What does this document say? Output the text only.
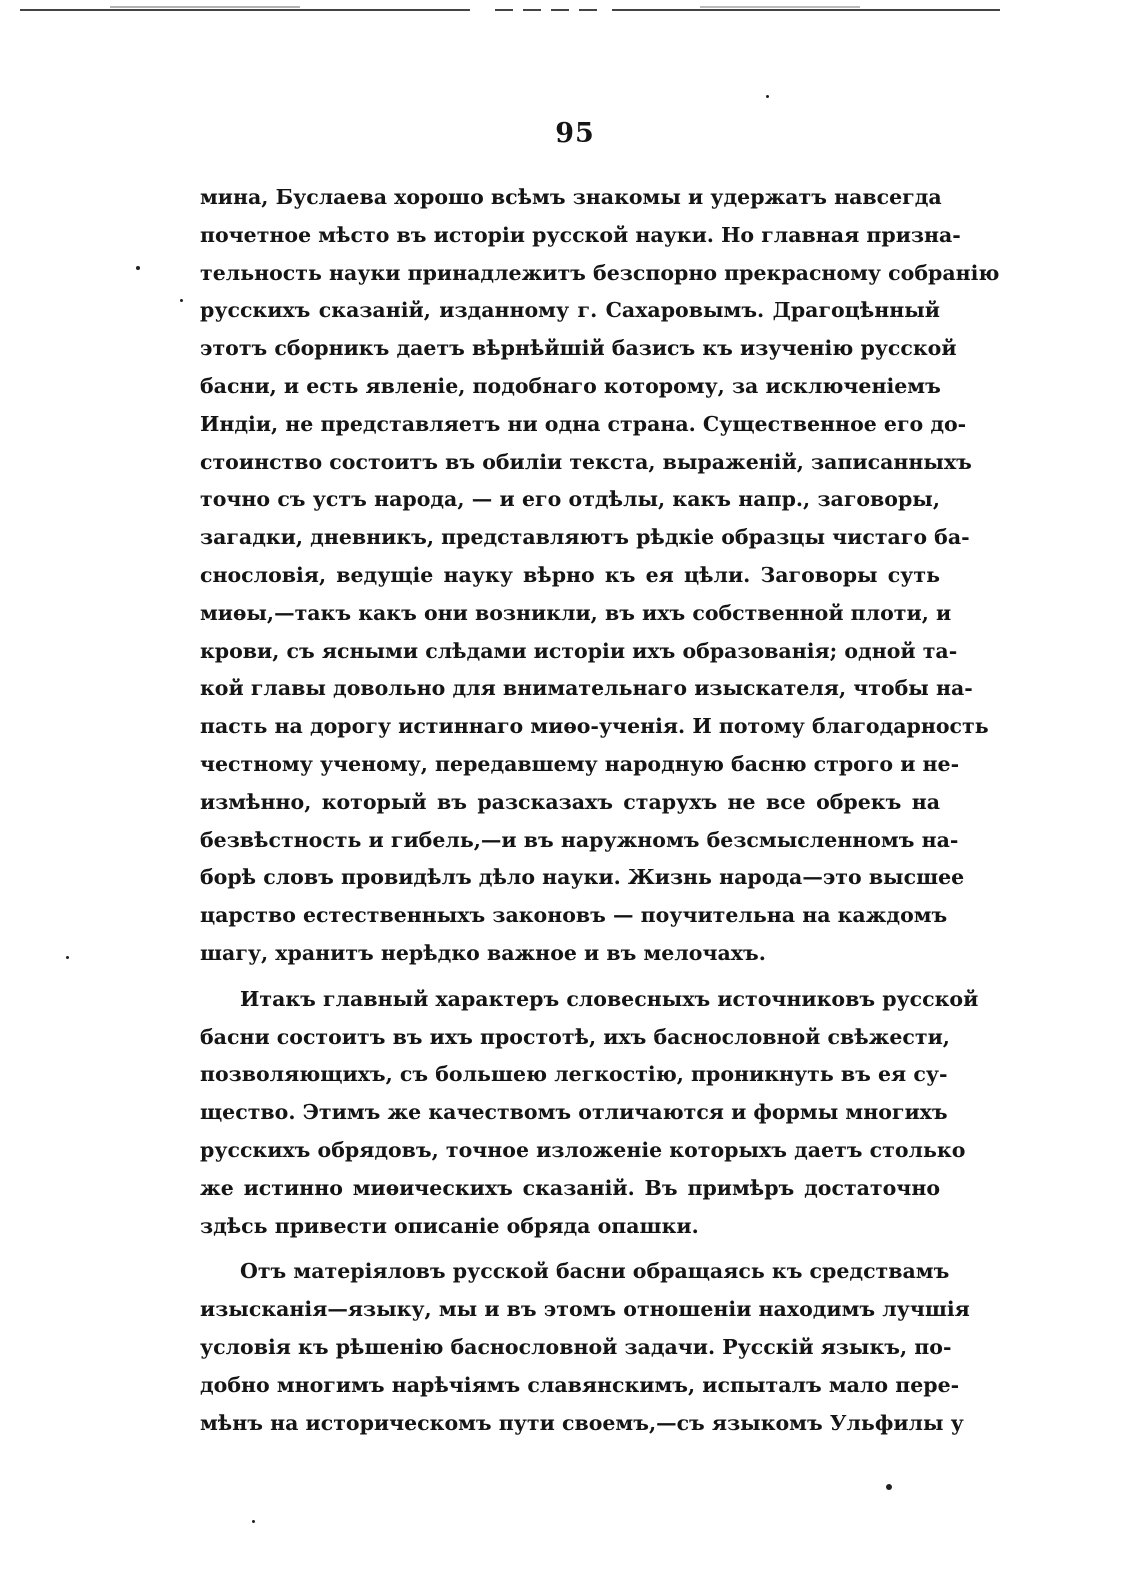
95
мина, Буслаева хорошо всѣмъ знакомы и удержатъ навсегда
почетное мѣсто въ исторіи русской науки. Но главная призна-
тельность науки принадлежитъ безспорно прекрасному собранію
русскихъ сказаній, изданному г. Сахаровымъ. Драгоцѣнный
этотъ сборникъ даетъ вѣрнѣйшій базисъ къ изученію русской
басни, и есть явленіе, подобнаго которому, за исключеніемъ
Индіи, не представляетъ ни одна страна. Существенное его до-
стоинство состоитъ въ обиліи текста, выраженій, записанныхъ
точно съ устъ народа, — и его отдѣлы, какъ напр., заговоры,
загадки, дневникъ, представляютъ рѣдкіе образцы чистаго ба-
снословія, ведущіе науку вѣрно къ ея цѣли. Заговоры суть
миѳы,—такъ какъ они возникли, въ ихъ собственной плоти, и
крови, съ ясными слѣдами исторіи ихъ образованія; одной та-
кой главы довольно для внимательнаго изыскателя, чтобы на-
пасть на дорогу истиннаго миѳо-ученія. И потому благодарность
честному ученому, передавшему народную басню строго и не-
измѣнно, который въ разсказахъ старухъ не все обрекъ на
безвѣстность и гибель,—и въ наружномъ безсмысленномъ на-
борѣ словъ провидѣлъ дѣло науки. Жизнь народа—это высшее
царство естественныхъ законовъ — поучительна на каждомъ
шагу, хранитъ нерѣдко важное и въ мелочахъ.
Итакъ главный характеръ словесныхъ источниковъ русской
басни состоитъ въ ихъ простотѣ, ихъ баснословной свѣжести,
позволяющихъ, съ большею легкостію, проникнуть въ ея су-
щество. Этимъ же качествомъ отличаются и формы многихъ
русскихъ обрядовъ, точное изложеніе которыхъ даетъ столько
же истинно миѳическихъ сказаній. Въ примѣръ достаточно
здѣсь привести описаніе обряда опашки.
Отъ матеріяловъ русской басни обращаясь къ средствамъ
изысканія—языку, мы и въ этомъ отношеніи находимъ лучшія
условія къ рѣшенію баснословной задачи. Русскій языкъ, по-
добно многимъ нарѣчіямъ славянскимъ, испыталъ мало пере-
мѣнъ на историческомъ пути своемъ,—съ языкомъ Ульфилы у
